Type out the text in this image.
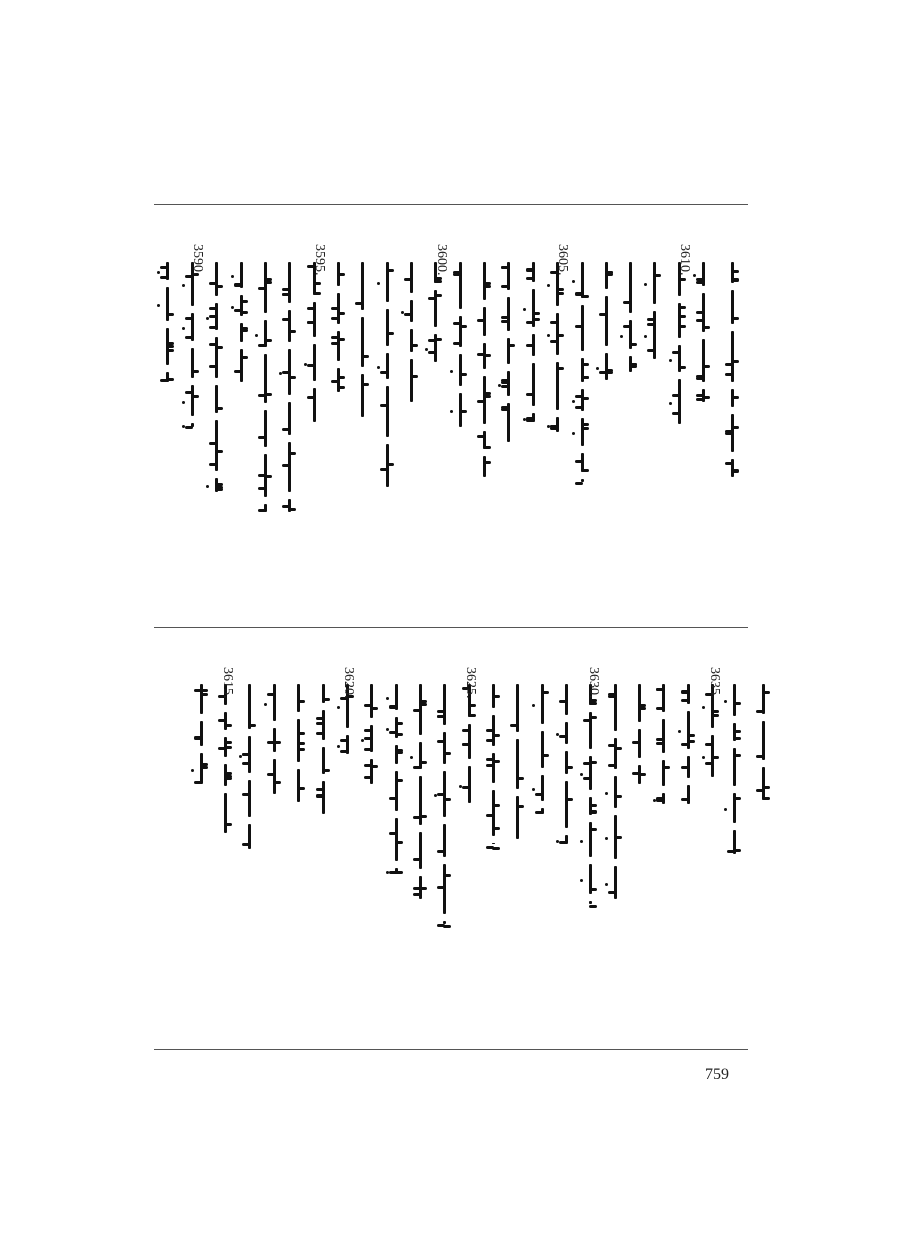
3610.
3605.
3600.
3595.
3590.
3635.
3630.
3625.
3620.
3615.
759
